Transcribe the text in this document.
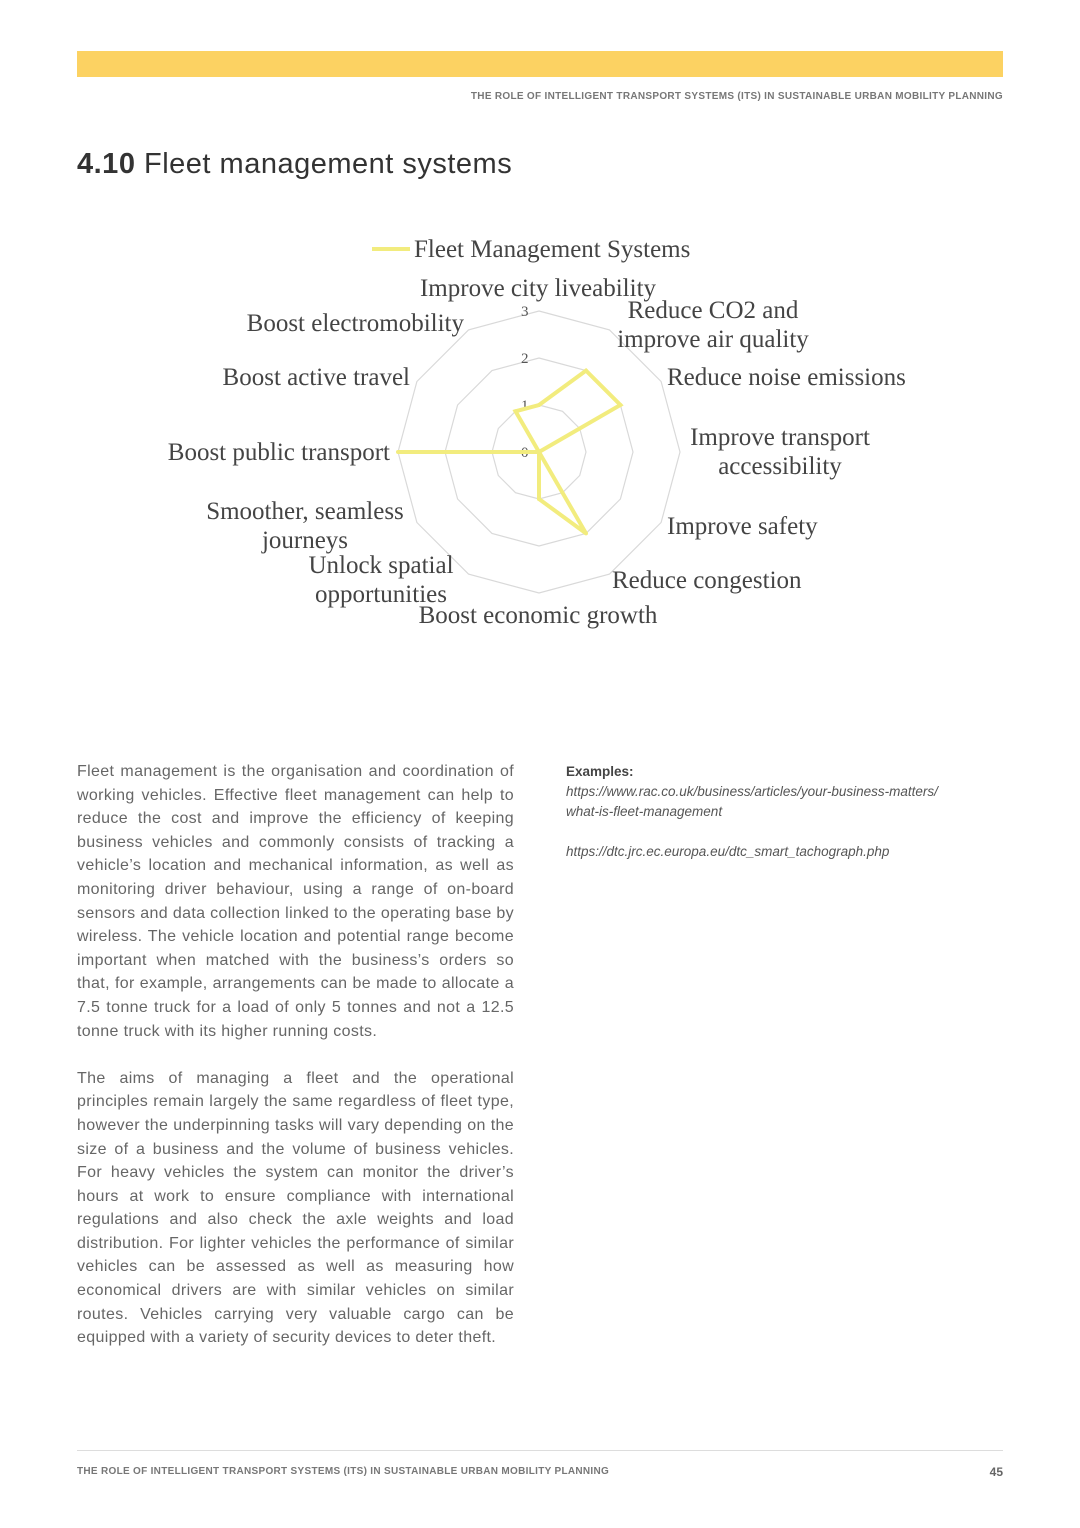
THE ROLE OF INTELLIGENT TRANSPORT SYSTEMS (ITS) IN SUSTAINABLE URBAN MOBILITY PLANNING
4.10 Fleet management systems
0
1
2
3
Fleet Management Systems
Improve city liveability
Reduce CO2 and
improve air quality
Reduce noise emissions
Improve transport
accessibility
Improve safety
Reduce congestion
Boost economic growth
Unlock spatial
opportunities
Smoother, seamless
journeys
Boost public transport
Boost active travel
Boost electromobility

Fleet management is the organisation and coordination of working vehicles. Effective fleet management can help to reduce the cost and improve the efficiency of keeping business vehicles and commonly consists of tracking a vehicle’s location and mechanical information, as well as monitoring driver behaviour, using a range of on-board sensors and data collection linked to the operating base by wireless. The vehicle location and potential range become important when matched with the business’s orders so that, for example, arrangements can be made to allocate a 7.5 tonne truck for a load of only 5 tonnes and not a 12.5 tonne truck with its higher running costs.

The aims of managing a fleet and the operational principles remain largely the same regardless of fleet type, however the underpinning tasks will vary depending on the size of a business and the volume of business vehicles. For heavy vehicles the system can monitor the driver’s hours at work to ensure compliance with international regulations and also check the axle weights and load distribution. For lighter vehicles the performance of similar vehicles can be assessed as well as measuring how economical drivers are with similar vehicles on similar routes. Vehicles carrying very valuable cargo can be equipped with a variety of security devices to deter theft.

Examples:
https://www.rac.co.uk/business/articles/your-business-matters/
what-is-fleet-management
https://dtc.jrc.ec.europa.eu/dtc_smart_tachograph.php
THE ROLE OF INTELLIGENT TRANSPORT SYSTEMS (ITS) IN SUSTAINABLE URBAN MOBILITY PLANNING	45
